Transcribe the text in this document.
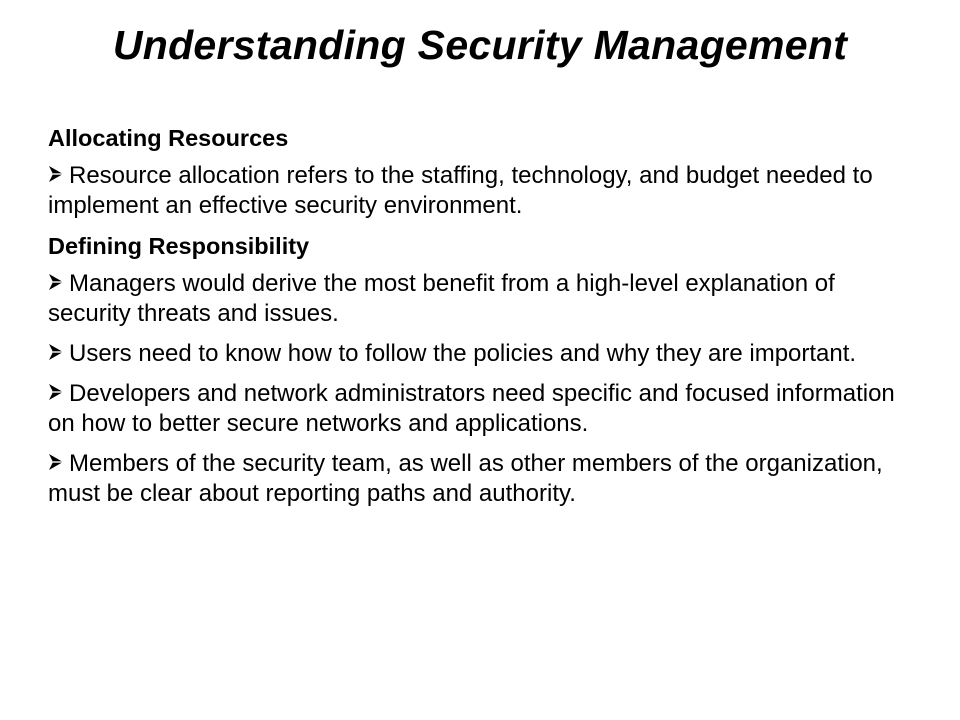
Understanding Security Management
Allocating Resources
Resource allocation refers to the staffing, technology, and budget needed to implement an effective security environment.
Defining Responsibility
Managers would derive the most benefit from a high-level explanation of security threats and issues.
Users need to know how to follow the policies and why they are important.
Developers and network administrators need specific and focused information on how to better secure networks and applications.
Members of the security team, as well as other members of the organization, must be clear about reporting paths and authority.
